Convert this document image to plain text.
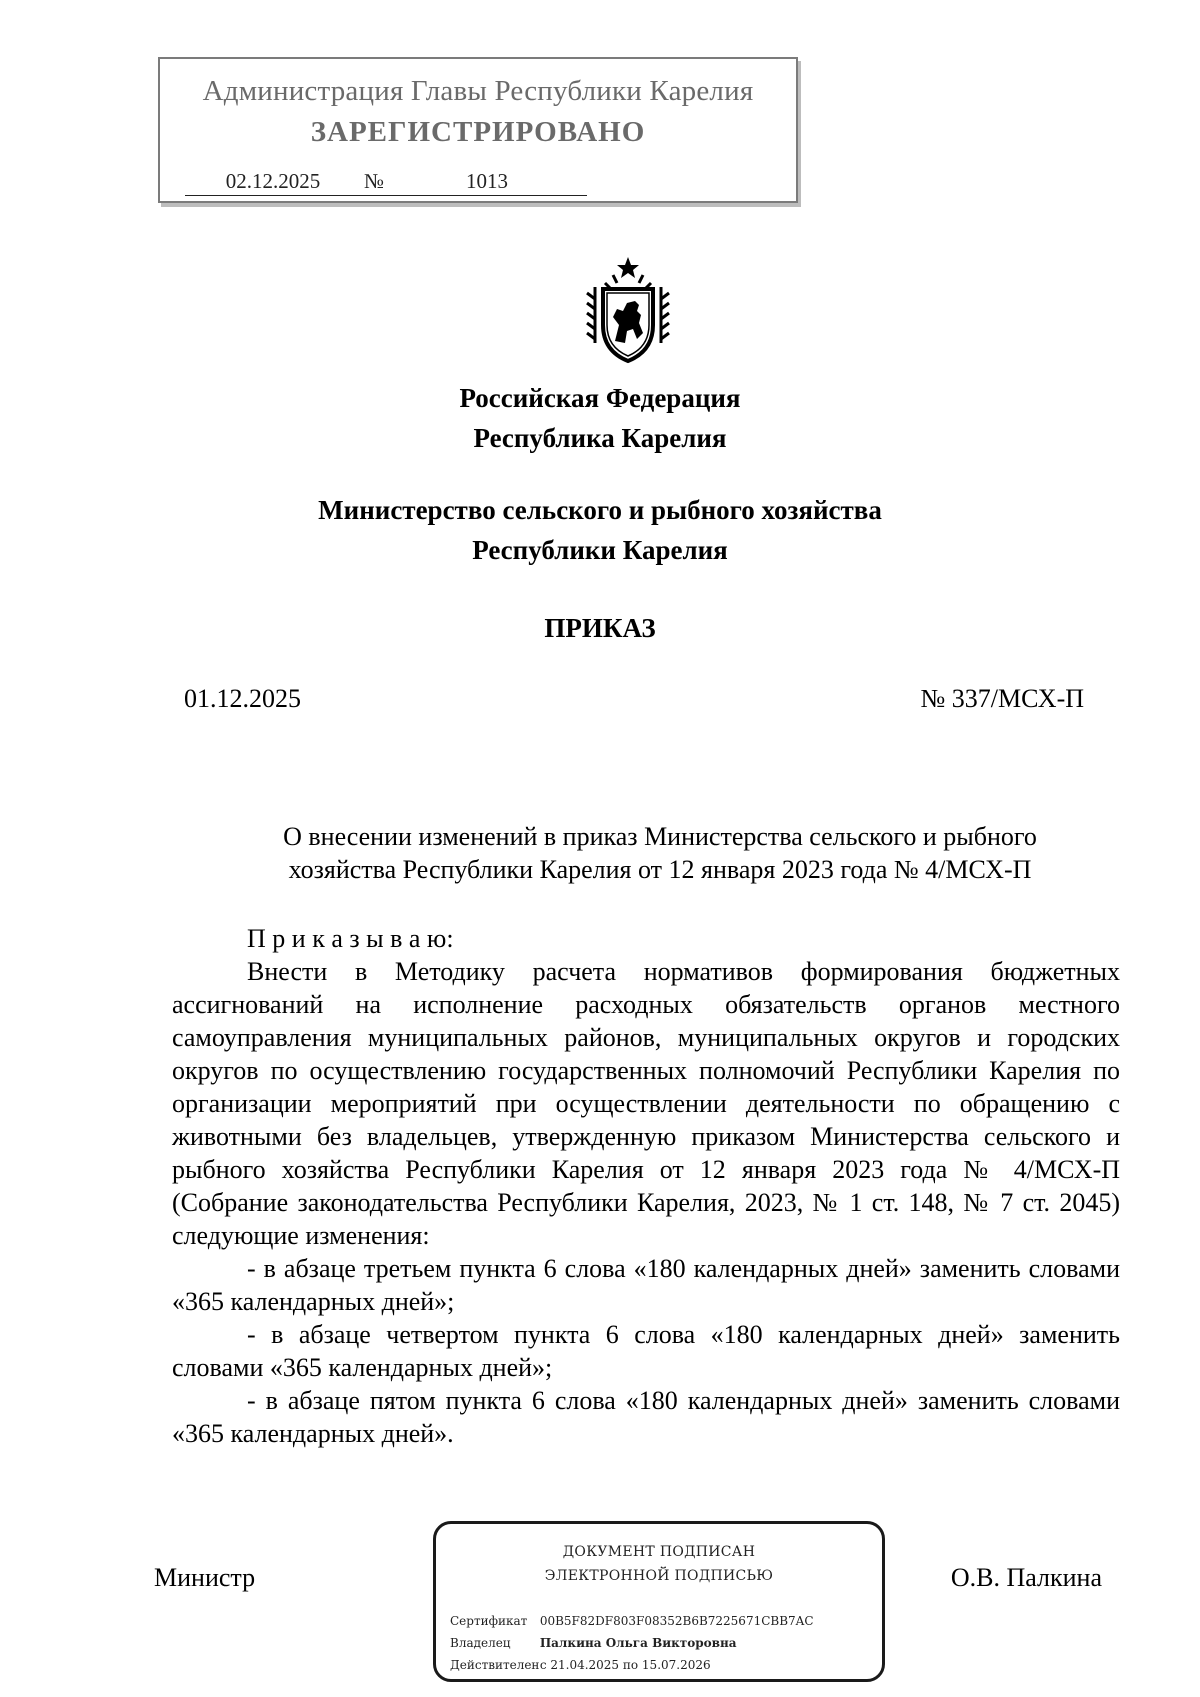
Администрация Главы Республики Карелия
ЗАРЕГИСТРИРОВАНО
02.12.2025 №	1013
Российская Федерация
Республика Карелия
Министерство сельского и рыбного хозяйства
Республики Карелия
ПРИКАЗ
01.12.2025	№ 337/МСХ-П
О внесении изменений в приказ Министерства сельского и рыбного
хозяйства Республики Карелия от 12 января 2023 года № 4/МСХ-П

П р и к а з ы в а ю:

Внести в Методику расчета нормативов формирования бюджетных ассигнований на исполнение расходных обязательств органов местного самоуправления муниципальных районов, муниципальных округов и городских округов по осуществлению государственных полномочий Республики Карелия по организации мероприятий при осуществлении деятельности по обращению с животными без владельцев, утвержденную приказом Министерства сельского и рыбного хозяйства Республики Карелия от 12 января 2023 года № 4/МСХ-П (Собрание законодательства Республики Карелия, 2023, № 1 ст. 148, № 7 ст. 2045) следующие изменения:

- в абзаце третьем пункта 6 слова «180 календарных дней» заменить словами «365 календарных дней»;

- в абзаце четвертом пункта 6 слова «180 календарных дней» заменить словами «365 календарных дней»;

- в абзаце пятом пункта 6 слова «180 календарных дней» заменить словами «365 календарных дней».

Министр	О.В. Палкина
ДОКУМЕНТ ПОДПИСАН
ЭЛЕКТРОННОЙ ПОДПИСЬЮ
Сертификат 00B5F82DF803F08352B6B7225671CBB7AC
Владелец Палкина Ольга Викторовна
Действителен с 21.04.2025 по 15.07.2026
